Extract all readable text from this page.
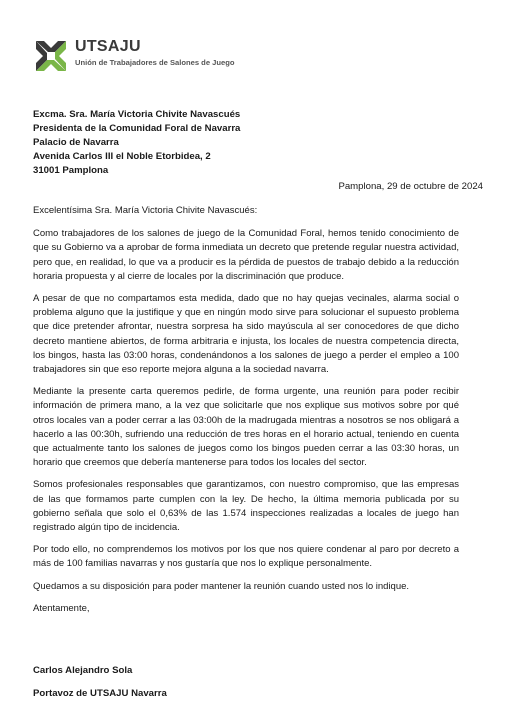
UTSAJU
Unión de Trabajadores de Salones de Juego
Excma. Sra. María Victoria Chivite Navascués
Presidenta de la Comunidad Foral de Navarra
Palacio de Navarra
Avenida Carlos III el Noble Etorbidea, 2
31001 Pamplona
Pamplona, 29 de octubre de 2024

Excelentísima Sra. María Victoria Chivite Navascués:

Como trabajadores de los salones de juego de la Comunidad Foral, hemos tenido conocimiento de que su Gobierno va a aprobar de forma inmediata un decreto que pretende regular nuestra actividad, pero que, en realidad, lo que va a producir es la pérdida de puestos de trabajo debido a la reducción horaria propuesta y al cierre de locales por la discriminación que produce.

A pesar de que no compartamos esta medida, dado que no hay quejas vecinales, alarma social o problema alguno que la justifique y que en ningún modo sirve para solucionar el supuesto problema que dice pretender afrontar, nuestra sorpresa ha sido mayúscula al ser conocedores de que dicho decreto mantiene abiertos, de forma arbitraria e injusta, los locales de nuestra competencia directa, los bingos, hasta las 03:00 horas, condenándonos a los salones de juego a perder el empleo a 100 trabajadores sin que eso reporte mejora alguna a la sociedad navarra.

Mediante la presente carta queremos pedirle, de forma urgente, una reunión para poder recibir información de primera mano, a la vez que solicitarle que nos explique sus motivos sobre por qué otros locales van a poder cerrar a las 03:00h de la madrugada mientras a nosotros se nos obligará a hacerlo a las 00:30h, sufriendo una reducción de tres horas en el horario actual, teniendo en cuenta que actualmente tanto los salones de juegos como los bingos pueden cerrar a las 03:30 horas, un horario que creemos que debería mantenerse para todos los locales del sector.

Somos profesionales responsables que garantizamos, con nuestro compromiso, que las empresas de las que formamos parte cumplen con la ley. De hecho, la última memoria publicada por su gobierno señala que solo el 0,63% de las 1.574 inspecciones realizadas a locales de juego han registrado algún tipo de incidencia.

Por todo ello, no comprendemos los motivos por los que nos quiere condenar al paro por decreto a más de 100 familias navarras y nos gustaría que nos lo explique personalmente.

Quedamos a su disposición para poder mantener la reunión cuando usted nos lo indique.

Atentamente,

Carlos Alejandro Sola
Portavoz de UTSAJU Navarra
